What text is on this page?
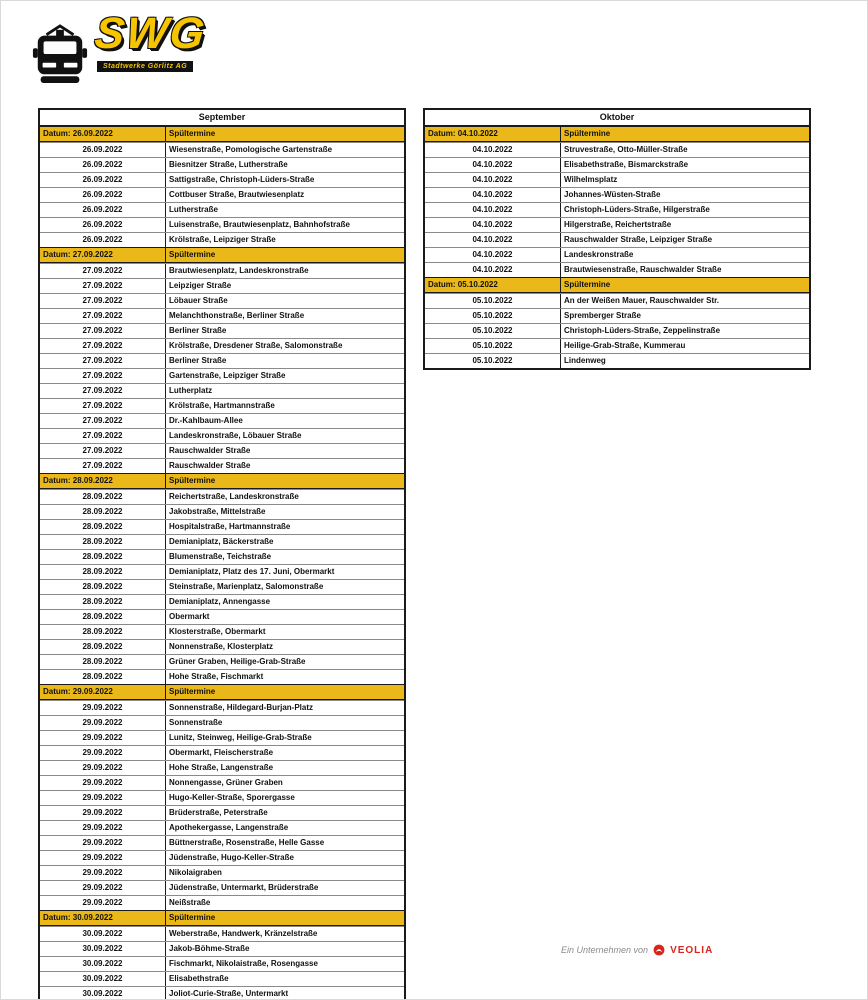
SWG
Stadtwerke Görlitz AG
September
Datum: 26.09.2022	Spültermine
26.09.2022	Wiesenstraße, Pomologische Gartenstraße
26.09.2022	Biesnitzer Straße, Lutherstraße
26.09.2022	Sattigstraße, Christoph-Lüders-Straße
26.09.2022	Cottbuser Straße, Brautwiesenplatz
26.09.2022	Lutherstraße
26.09.2022	Luisenstraße, Brautwiesenplatz, Bahnhofstraße
26.09.2022	Krölstraße, Leipziger Straße
Datum: 27.09.2022	Spültermine
27.09.2022	Brautwiesenplatz, Landeskronstraße
27.09.2022	Leipziger Straße
27.09.2022	Löbauer Straße
27.09.2022	Melanchthonstraße, Berliner Straße
27.09.2022	Berliner Straße
27.09.2022	Krölstraße, Dresdener Straße, Salomonstraße
27.09.2022	Berliner Straße
27.09.2022	Gartenstraße, Leipziger Straße
27.09.2022	Lutherplatz
27.09.2022	Krölstraße, Hartmannstraße
27.09.2022	Dr.-Kahlbaum-Allee
27.09.2022	Landeskronstraße, Löbauer Straße
27.09.2022	Rauschwalder Straße
27.09.2022	Rauschwalder Straße
Datum: 28.09.2022	Spültermine
28.09.2022	Reichertstraße, Landeskronstraße
28.09.2022	Jakobstraße, Mittelstraße
28.09.2022	Hospitalstraße, Hartmannstraße
28.09.2022	Demianiplatz, Bäckerstraße
28.09.2022	Blumenstraße, Teichstraße
28.09.2022	Demianiplatz, Platz des 17. Juni, Obermarkt
28.09.2022	Steinstraße, Marienplatz, Salomonstraße
28.09.2022	Demianiplatz, Annengasse
28.09.2022	Obermarkt
28.09.2022	Klosterstraße, Obermarkt
28.09.2022	Nonnenstraße, Klosterplatz
28.09.2022	Grüner Graben, Heilige-Grab-Straße
28.09.2022	Hohe Straße, Fischmarkt
Datum: 29.09.2022	Spültermine
29.09.2022	Sonnenstraße, Hildegard-Burjan-Platz
29.09.2022	Sonnenstraße
29.09.2022	Lunitz, Steinweg, Heilige-Grab-Straße
29.09.2022	Obermarkt, Fleischerstraße
29.09.2022	Hohe Straße, Langenstraße
29.09.2022	Nonnengasse, Grüner Graben
29.09.2022	Hugo-Keller-Straße, Sporergasse
29.09.2022	Brüderstraße, Peterstraße
29.09.2022	Apothekergasse, Langenstraße
29.09.2022	Büttnerstraße, Rosenstraße, Helle Gasse
29.09.2022	Jüdenstraße, Hugo-Keller-Straße
29.09.2022	Nikolaigraben
29.09.2022	Jüdenstraße, Untermarkt, Brüderstraße
29.09.2022	Neißstraße
Datum: 30.09.2022	Spültermine
30.09.2022	Weberstraße, Handwerk, Kränzelstraße
30.09.2022	Jakob-Böhme-Straße
30.09.2022	Fischmarkt, Nikolaistraße, Rosengasse
30.09.2022	Elisabethstraße
30.09.2022	Joliot-Curie-Straße, Untermarkt
Oktober
Datum: 04.10.2022	Spültermine
04.10.2022	Struvestraße, Otto-Müller-Straße
04.10.2022	Elisabethstraße, Bismarckstraße
04.10.2022	Wilhelmsplatz
04.10.2022	Johannes-Wüsten-Straße
04.10.2022	Christoph-Lüders-Straße, Hilgerstraße
04.10.2022	Hilgerstraße, Reichertstraße
04.10.2022	Rauschwalder Straße, Leipziger Straße
04.10.2022	Landeskronstraße
04.10.2022	Brautwiesenstraße, Rauschwalder Straße
Datum: 05.10.2022	Spültermine
05.10.2022	An der Weißen Mauer, Rauschwalder Str.
05.10.2022	Spremberger Straße
05.10.2022	Christoph-Lüders-Straße, Zeppelinstraße
05.10.2022	Heilige-Grab-Straße, Kummerau
05.10.2022	Lindenweg
Ein Unternehmen von VEOLIA
